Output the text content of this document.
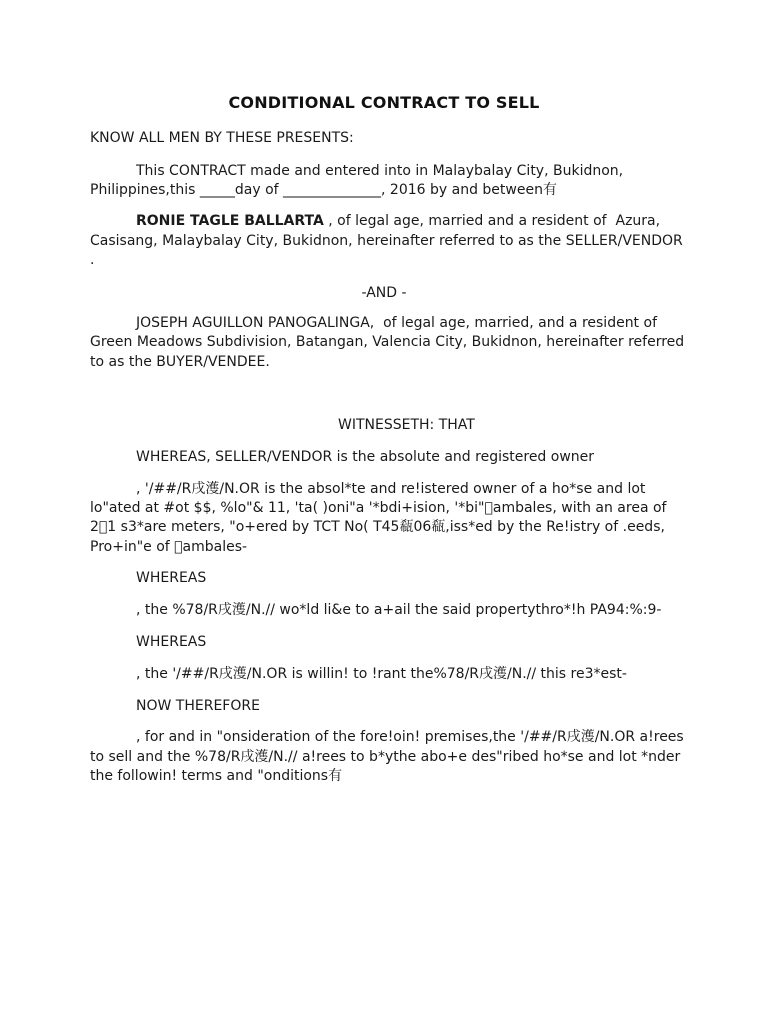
CONDITIONAL CONTRACT TO SELL
KNOW ALL MEN BY THESE PRESENTS:
This CONTRACT made and entered into in Malaybalay City, Bukidnon,
Philippines,this _____day of ______________, 2016 by and between有
RONIE TAGLE BALLARTA , of legal age, married and a resident of  Azura,
Casisang, Malaybalay City, Bukidnon, hereinafter referred to as the SELLER/VENDOR
.
-AND -
JOSEPH AGUILLON PANOGALINGA,  of legal age, married, and a resident of
Green Meadows Subdivision, Batangan, Valencia City, Bukidnon, hereinafter referred
to as the BUYER/VENDEE.
WITNESSETH: THAT
WHEREAS, SELLER/VENDOR is the absolute and registered owner
, '/##/R戌濩/N.OR is the absol*te and re!istered owner of a ho*se and lot
lo"ated at #ot $$, %lo"& 11, 'ta( )oni"a '*bdi+ision, '*bi" ambales, with an area of
2 1 s3*are meters, "o+ered by TCT No( T45瓻06瓻,iss*ed by the Re!istry of .eeds,
Pro+in"e of  ambales-
WHEREAS
, the %78/R戌濩/N.// wo*ld li&e to a+ail the said propertythro*!h PA94:%:9-
WHEREAS
, the '/##/R戌濩/N.OR is willin! to !rant the%78/R戌濩/N.// this re3*est-
NOW THEREFORE
, for and in "onsideration of the fore!oin! premises,the '/##/R戌濩/N.OR a!rees
to sell and the %78/R戌濩/N.// a!rees to b*ythe abo+e des"ribed ho*se and lot *nder
the followin! terms and "onditions有
